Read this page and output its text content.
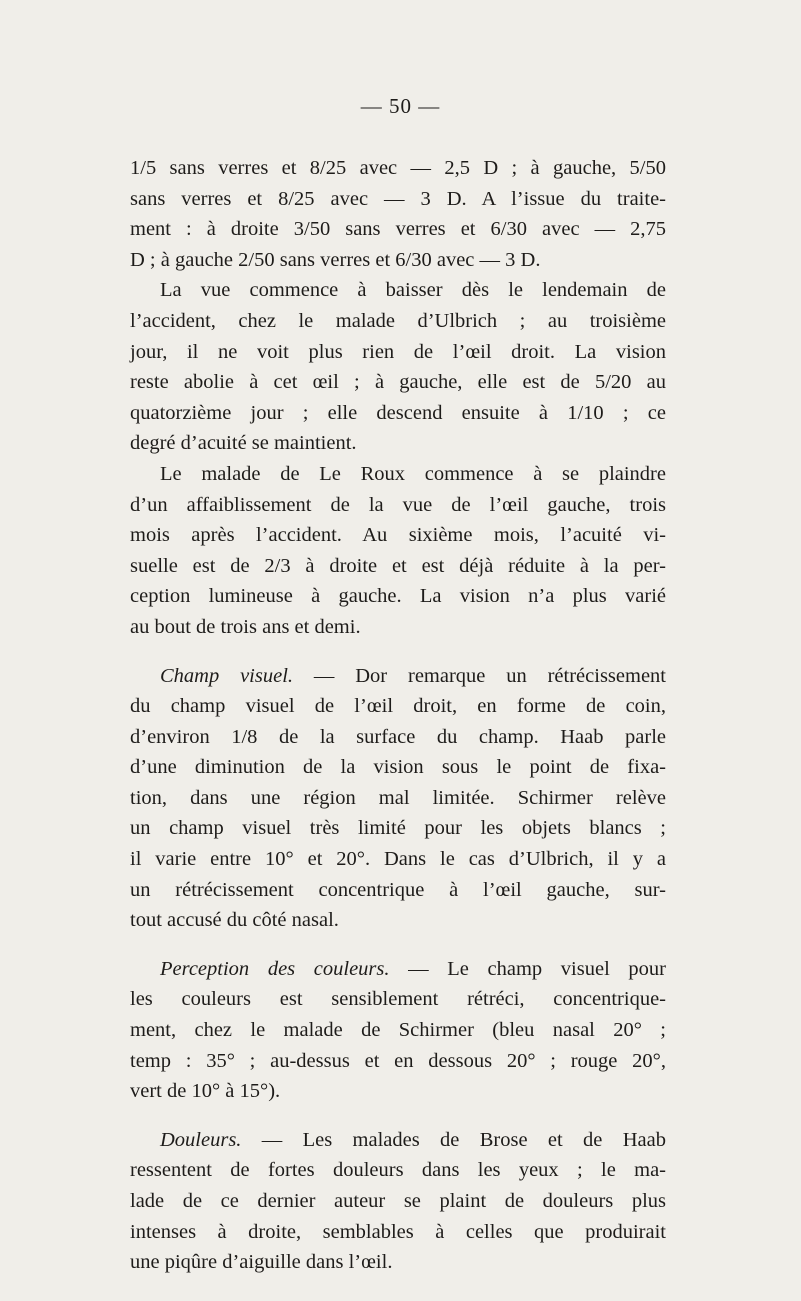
— 50 —
1/5 sans verres et 8/25 avec — 2,5 D ; à gauche, 5/50
sans verres et 8/25 avec — 3 D. A l’issue du traite-
ment : à droite 3/50 sans verres et 6/30 avec — 2,75
D ; à gauche 2/50 sans verres et 6/30 avec — 3 D.
La vue commence à baisser dès le lendemain de
l’accident, chez le malade d’Ulbrich ; au troisième
jour, il ne voit plus rien de l’œil droit. La vision
reste abolie à cet œil ; à gauche, elle est de 5/20 au
quatorzième jour ; elle descend ensuite à 1/10 ; ce
degré d’acuité se maintient.
Le malade de Le Roux commence à se plaindre
d’un affaiblissement de la vue de l’œil gauche, trois
mois après l’accident. Au sixième mois, l’acuité vi-
suelle est de 2/3 à droite et est déjà réduite à la per-
ception lumineuse à gauche. La vision n’a plus varié
au bout de trois ans et demi.
Champ visuel. — Dor remarque un rétrécissement
du champ visuel de l’œil droit, en forme de coin,
d’environ 1/8 de la surface du champ. Haab parle
d’une diminution de la vision sous le point de fixa-
tion, dans une région mal limitée. Schirmer relève
un champ visuel très limité pour les objets blancs ;
il varie entre 10° et 20°. Dans le cas d’Ulbrich, il y a
un rétrécissement concentrique à l’œil gauche, sur-
tout accusé du côté nasal.
Perception des couleurs. — Le champ visuel pour
les couleurs est sensiblement rétréci, concentrique-
ment, chez le malade de Schirmer (bleu nasal 20° ;
temp : 35° ; au-dessus et en dessous 20° ; rouge 20°,
vert de 10° à 15°).
Douleurs. — Les malades de Brose et de Haab
ressentent de fortes douleurs dans les yeux ; le ma-
lade de ce dernier auteur se plaint de douleurs plus
intenses à droite, semblables à celles que produirait
une piqûre d’aiguille dans l’œil.
